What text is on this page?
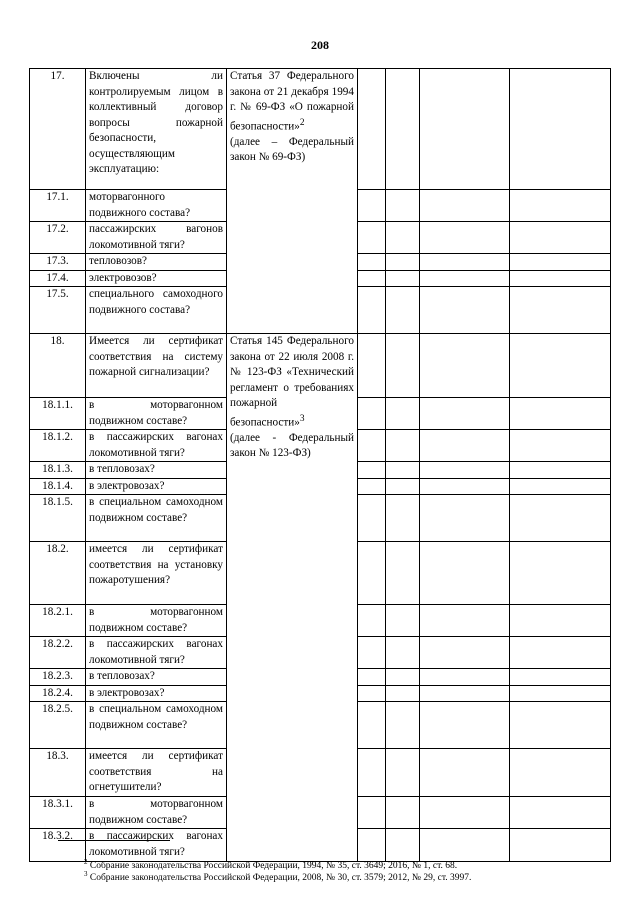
208
17.	Включены ли контролируемым лицом в коллективный договор вопросы пожарной безопасности, осуществляющим эксплуатацию:	Статья 37 Федерального закона от 21 декабря 1994 г. № 69-ФЗ «О пожарной безопасности»$^2$
(далее – Федеральный закон № 69-ФЗ)				
17.1.	моторвагонного подвижного состава?					
17.2.	пассажирских вагонов локомотивной тяги?					
17.3.	тепловозов?					
17.4.	электровозов?					
17.5.	специального самоходного подвижного состава?					
18.	Имеется ли сертификат соответствия на систему пожарной сигнализации?	Статья 145 Федерального закона от 22 июля 2008 г. № 123-ФЗ «Технический регламент о требованиях пожарной безопасности»$^3$
(далее - Федеральный закон № 123-ФЗ)				
18.1.1.	в моторвагонном подвижном составе?					
18.1.2.	в пассажирских вагонах локомотивной тяги?					
18.1.3.	в тепловозах?					
18.1.4.	в электровозах?					
18.1.5.	в специальном самоходном подвижном составе?					
18.2.	имеется ли сертификат соответствия на установку пожаротушения?					
18.2.1.	в моторвагонном подвижном составе?					
18.2.2.	в пассажирских вагонах локомотивной тяги?					
18.2.3.	в тепловозах?					
18.2.4.	в электровозах?					
18.2.5.	в специальном самоходном подвижном составе?					
18.3.	имеется ли сертификат соответствия на огнетушители?					
18.3.1.	в моторвагонном подвижном составе?					
18.3.2.	в пассажирских вагонах локомотивной тяги?					
$^2$ Собрание законодательства Российской Федерации, 1994, № 35, ст. 3649; 2016, № 1, ст. 68.
$^3$ Собрание законодательства Российской Федерации, 2008, № 30, ст. 3579; 2012, № 29, ст. 3997.
